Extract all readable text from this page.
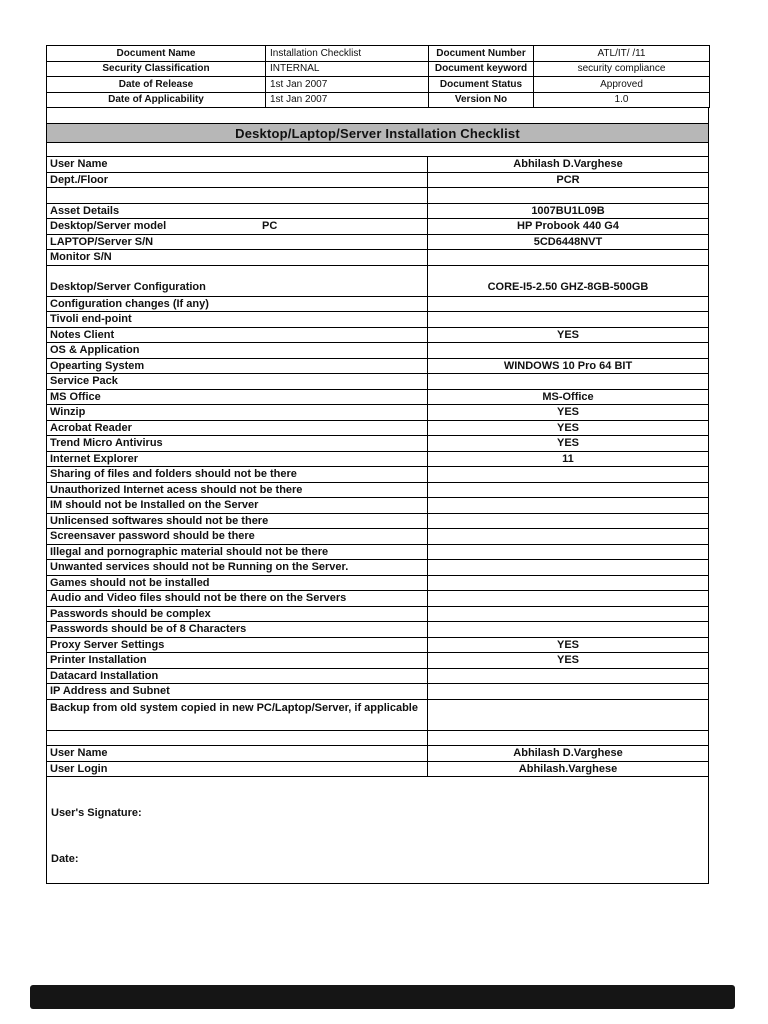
Document Name	Installation Checklist	Document Number	ATL/IT/ /11
Security Classification	INTERNAL	Document keyword	security compliance
Date of Release	1st Jan 2007	Document Status	Approved
Date of Applicability	1st Jan 2007	Version No	1.0
Desktop/Laptop/Server Installation Checklist
User Name	Abhilash D.Varghese
Dept./Floor	PCR
Asset Details	1007BU1L09B
Desktop/Server model	PC	HP Probook 440 G4
LAPTOP/Server S/N	5CD6448NVT
Monitor S/N
Desktop/Server Configuration	CORE-I5-2.50 GHZ-8GB-500GB
Configuration changes (If any)
Tivoli end-point
Notes Client	YES
OS & Application
Opearting System	WINDOWS 10 Pro 64 BIT
Service Pack
MS Office	MS-Office
Winzip	YES
Acrobat Reader	YES
Trend Micro Antivirus	YES
Internet Explorer	11
Sharing of files and folders should not be there
Unauthorized Internet acess should not be there
IM should not be Installed on the Server
Unlicensed softwares should not be there
Screensaver password should be there
Illegal and pornographic material should not be there
Unwanted services should not be Running on the Server.
Games should not be installed
Audio and Video files should not be there on the Servers
Passwords should be complex
Passwords should be of 8 Characters
Proxy Server Settings	YES
Printer Installation	YES
Datacard Installation
IP Address and Subnet
Backup from old system copied in new PC/Laptop/Server, if applicable
User Name	Abhilash D.Varghese
User Login	Abhilash.Varghese
User's Signature:
Date:
